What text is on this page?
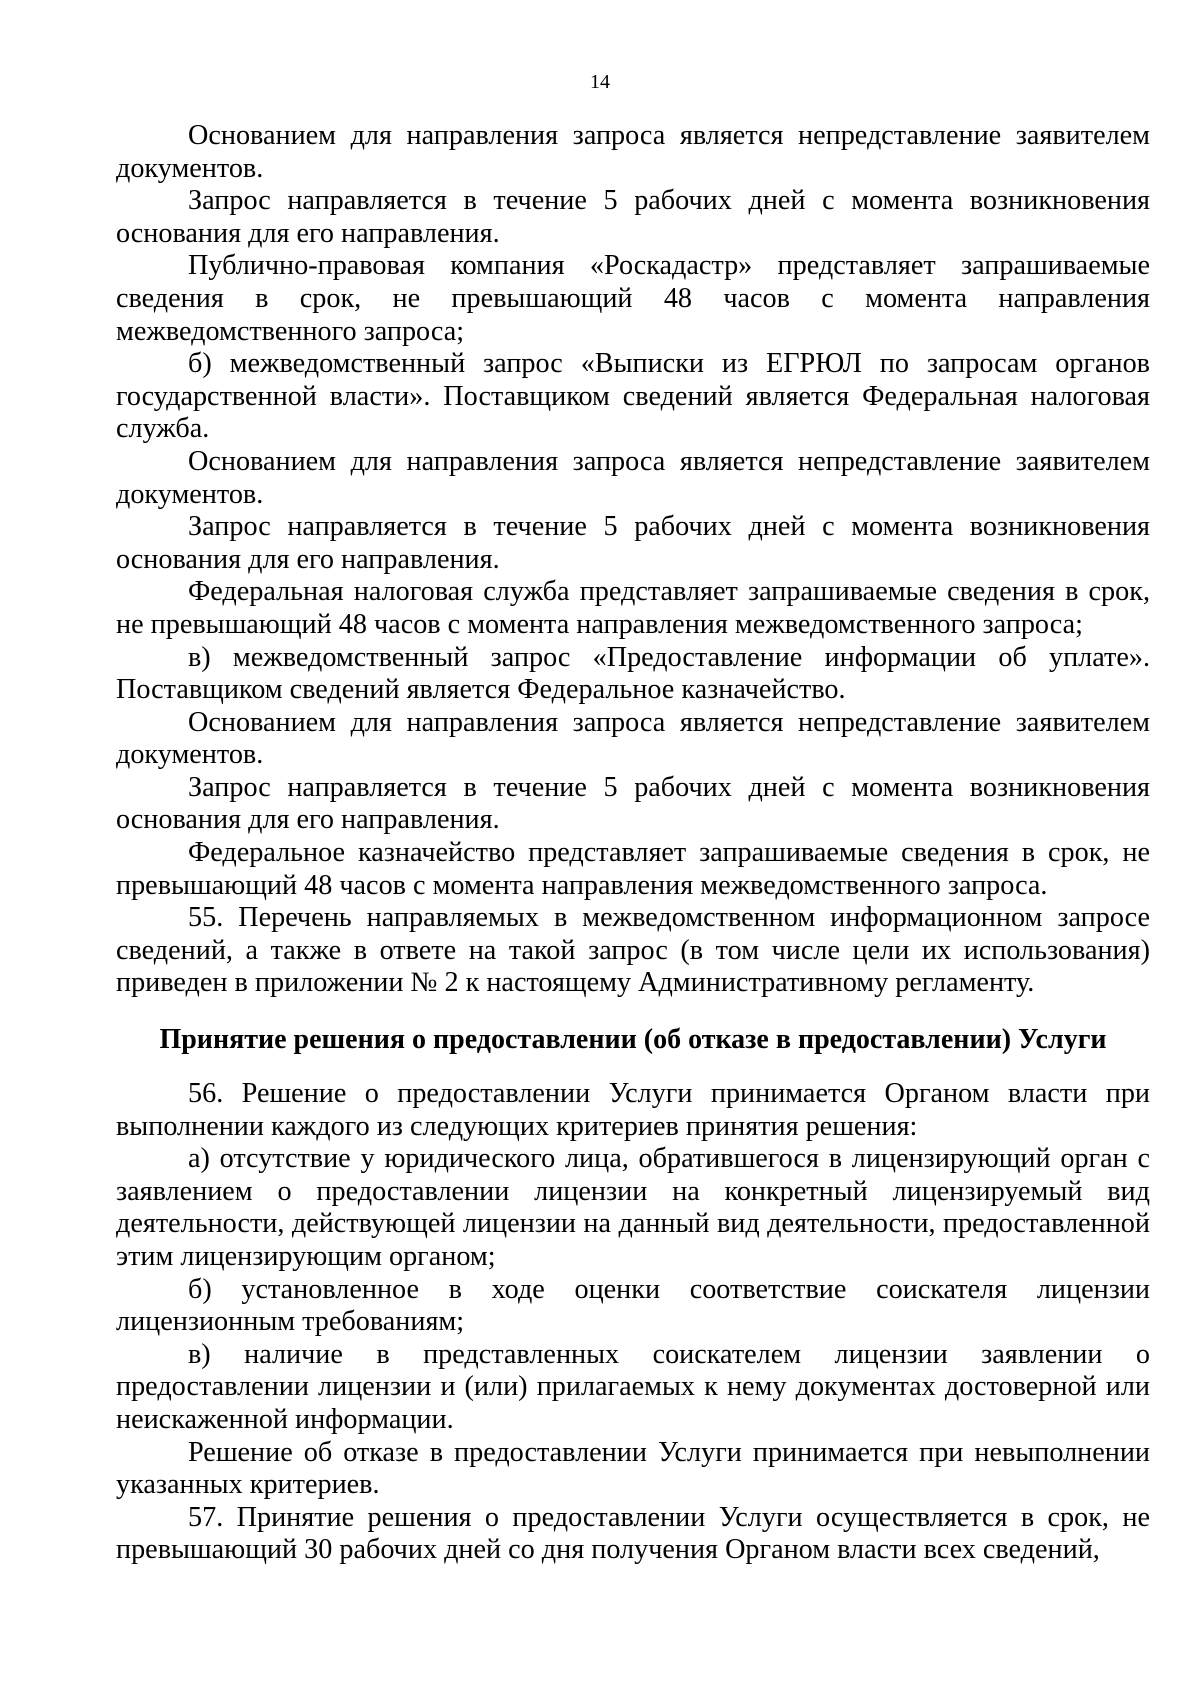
14

Основанием для направления запроса является непредставление заявителем документов.

Запрос направляется в течение 5 рабочих дней с момента возникновения основания для его направления.

Публично-правовая компания «Роскадастр» представляет запрашиваемые сведения в срок, не превышающий 48 часов с момента направления межведомственного запроса;

б) межведомственный запрос «Выписки из ЕГРЮЛ по запросам органов государственной власти». Поставщиком сведений является Федеральная налоговая служба.

Основанием для направления запроса является непредставление заявителем документов.

Запрос направляется в течение 5 рабочих дней с момента возникновения основания для его направления.

Федеральная налоговая служба представляет запрашиваемые сведения в срок, не превышающий 48 часов с момента направления межведомственного запроса;

в) межведомственный запрос «Предоставление информации об уплате». Поставщиком сведений является Федеральное казначейство.

Основанием для направления запроса является непредставление заявителем документов.

Запрос направляется в течение 5 рабочих дней с момента возникновения основания для его направления.

Федеральное казначейство представляет запрашиваемые сведения в срок, не превышающий 48 часов с момента направления межведомственного запроса.

55. Перечень направляемых в межведомственном информационном запросе сведений, а также в ответе на такой запрос (в том числе цели их использования) приведен в приложении № 2 к настоящему Административному регламенту.

Принятие решения о предоставлении (об отказе в предоставлении) Услуги

56. Решение о предоставлении Услуги принимается Органом власти при выполнении каждого из следующих критериев принятия решения:

а) отсутствие у юридического лица, обратившегося в лицензирующий орган с заявлением о предоставлении лицензии на конкретный лицензируемый вид деятельности, действующей лицензии на данный вид деятельности, предоставленной этим лицензирующим органом;

б) установленное в ходе оценки соответствие соискателя лицензии лицензионным требованиям;

в) наличие в представленных соискателем лицензии заявлении о предоставлении лицензии и (или) прилагаемых к нему документах достоверной или неискаженной информации.

Решение об отказе в предоставлении Услуги принимается при невыполнении указанных критериев.

57. Принятие решения о предоставлении Услуги осуществляется в срок, не превышающий 30 рабочих дней со дня получения Органом власти всех сведений,
